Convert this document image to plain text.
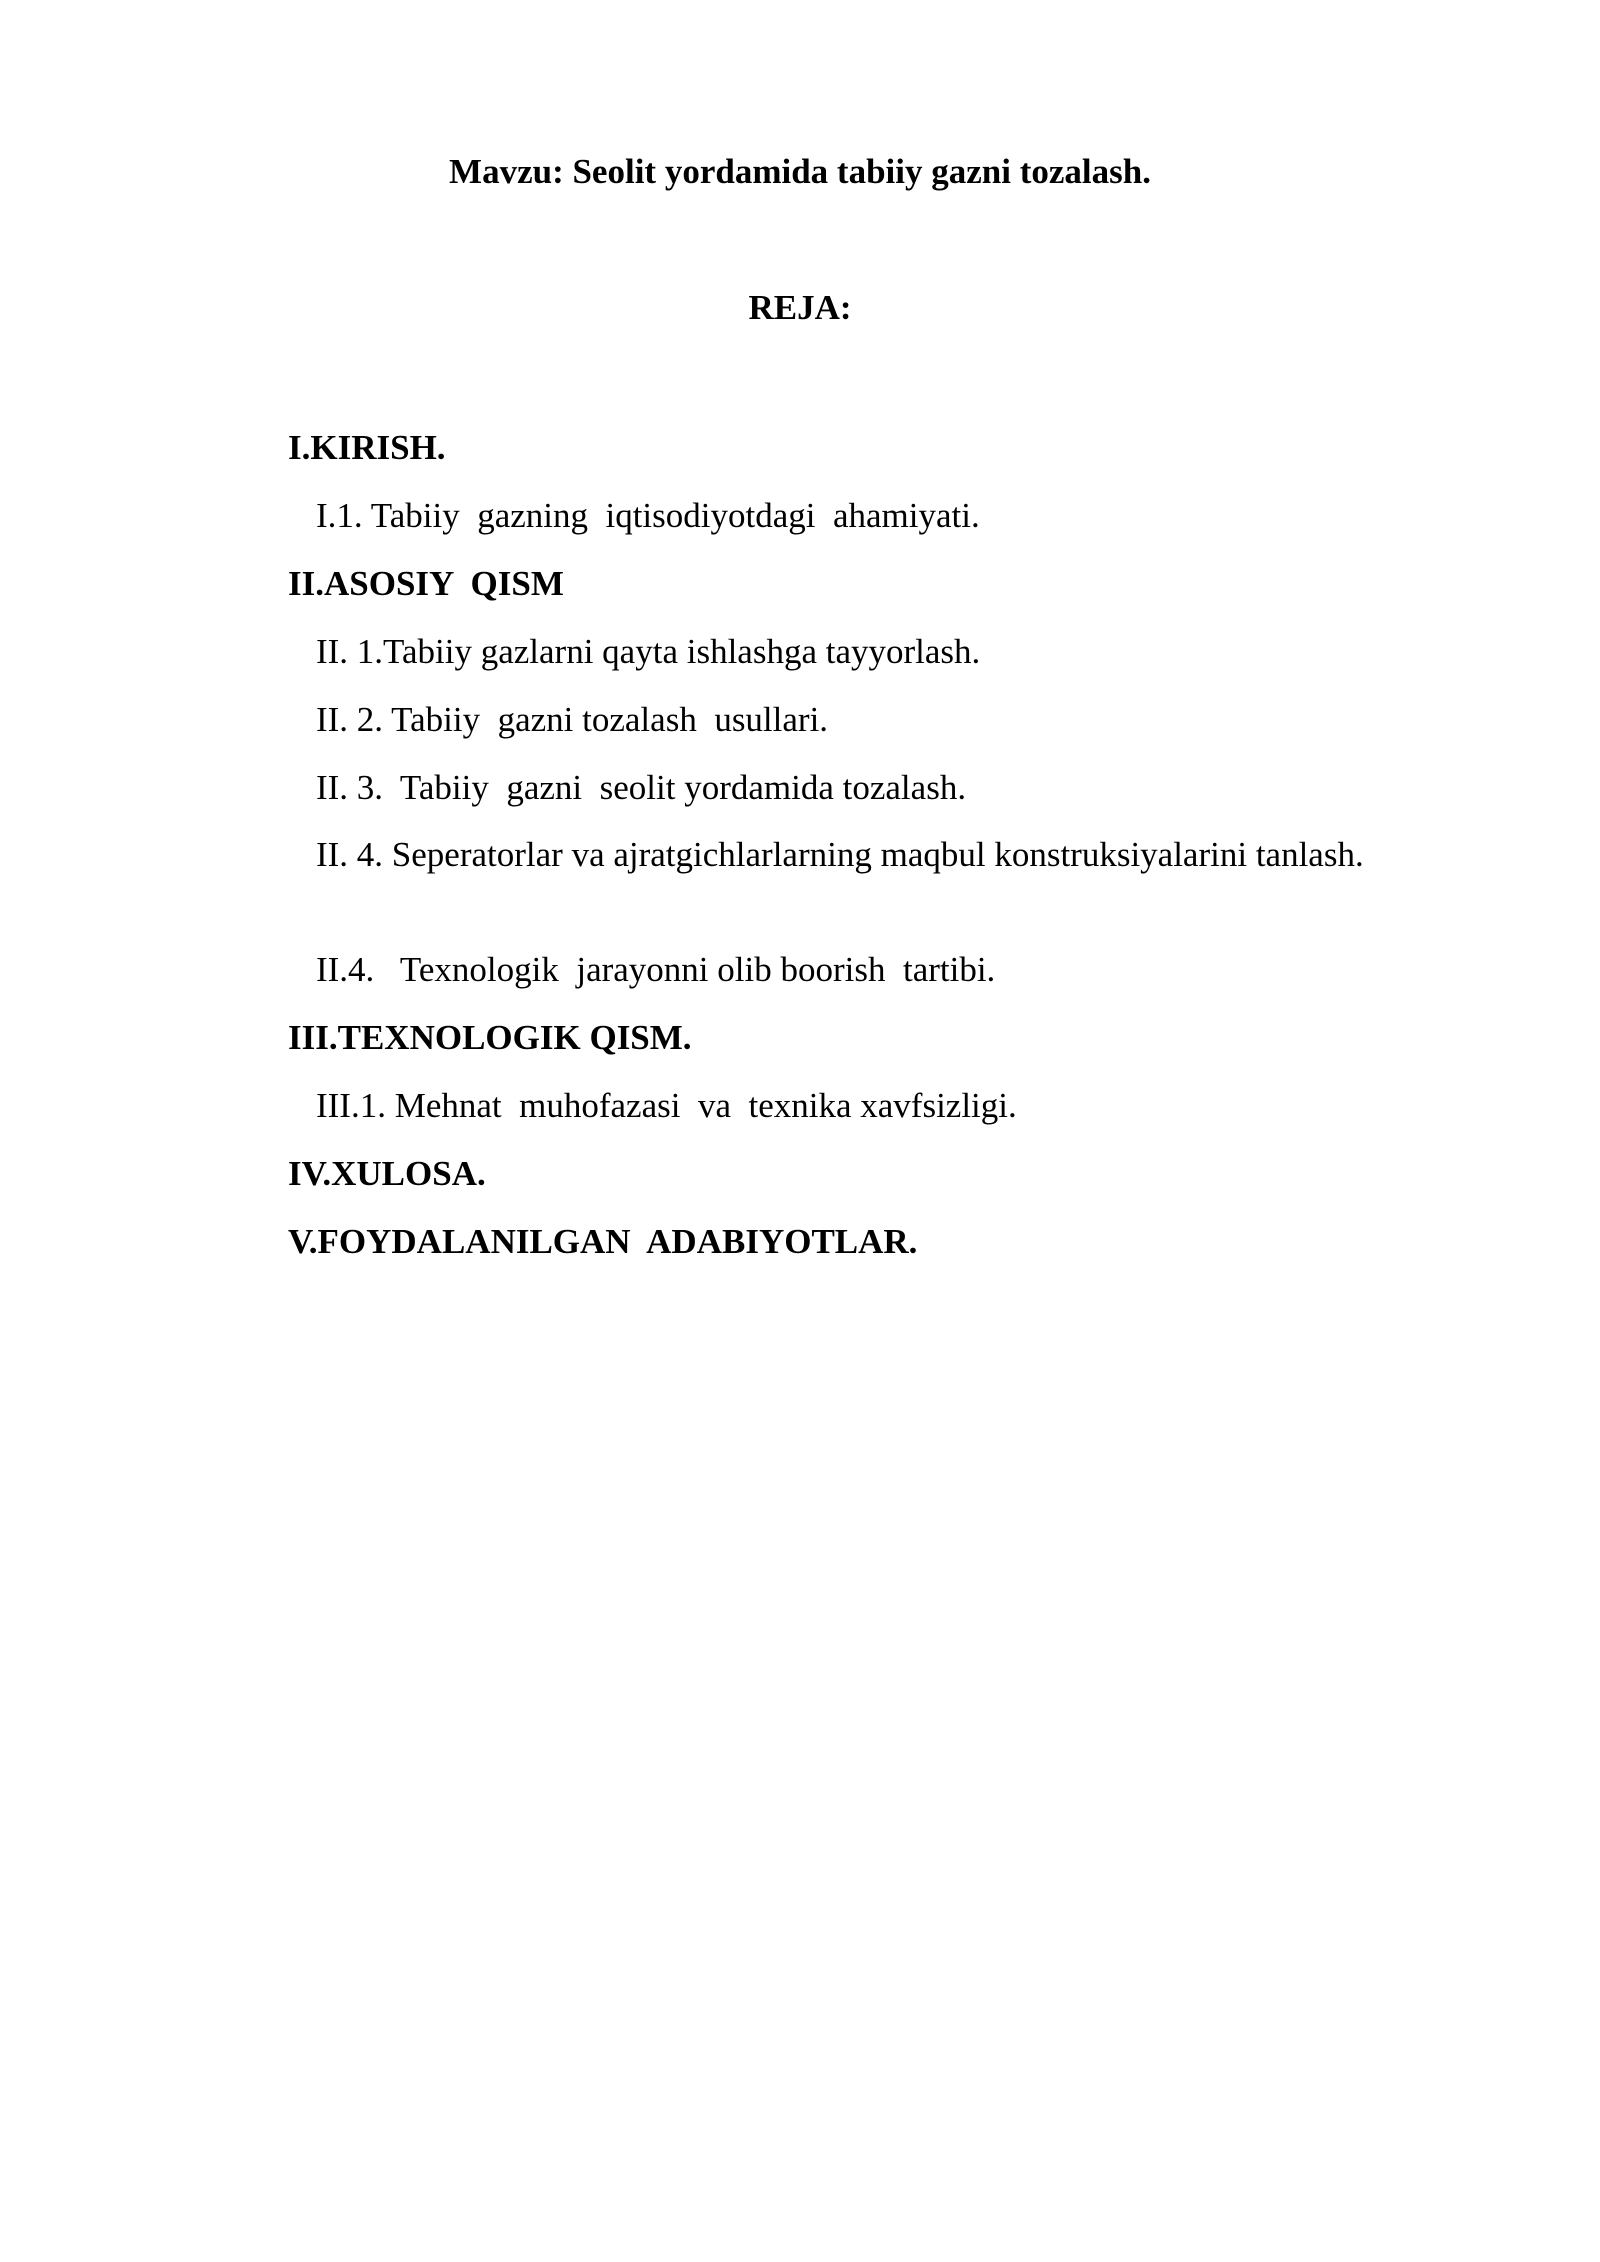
Mavzu: Seolit yordamida tabiiy gazni tozalash.

REJA:

I.KIRISH.

I.1. Tabiiy  gazning  iqtisodiyotdagi  ahamiyati.

II.ASOSIY  QISM

II. 1.Tabiiy gazlarni qayta ishlashga tayyorlash.

II. 2. Tabiiy  gazni tozalash  usullari.

II. 3.  Tabiiy  gazni  seolit yordamida tozalash.

II. 4. Seperatorlar va ajratgichlarlarning maqbul konstruksiyalarini tanlash.

II.4.   Texnologik  jarayonni olib boorish  tartibi.

III.TEXNOLOGIK QISM.

III.1. Mehnat  muhofazasi  va  texnika xavfsizligi.

IV.XULOSA.

V.FOYDALANILGAN  ADABIYOTLAR.
